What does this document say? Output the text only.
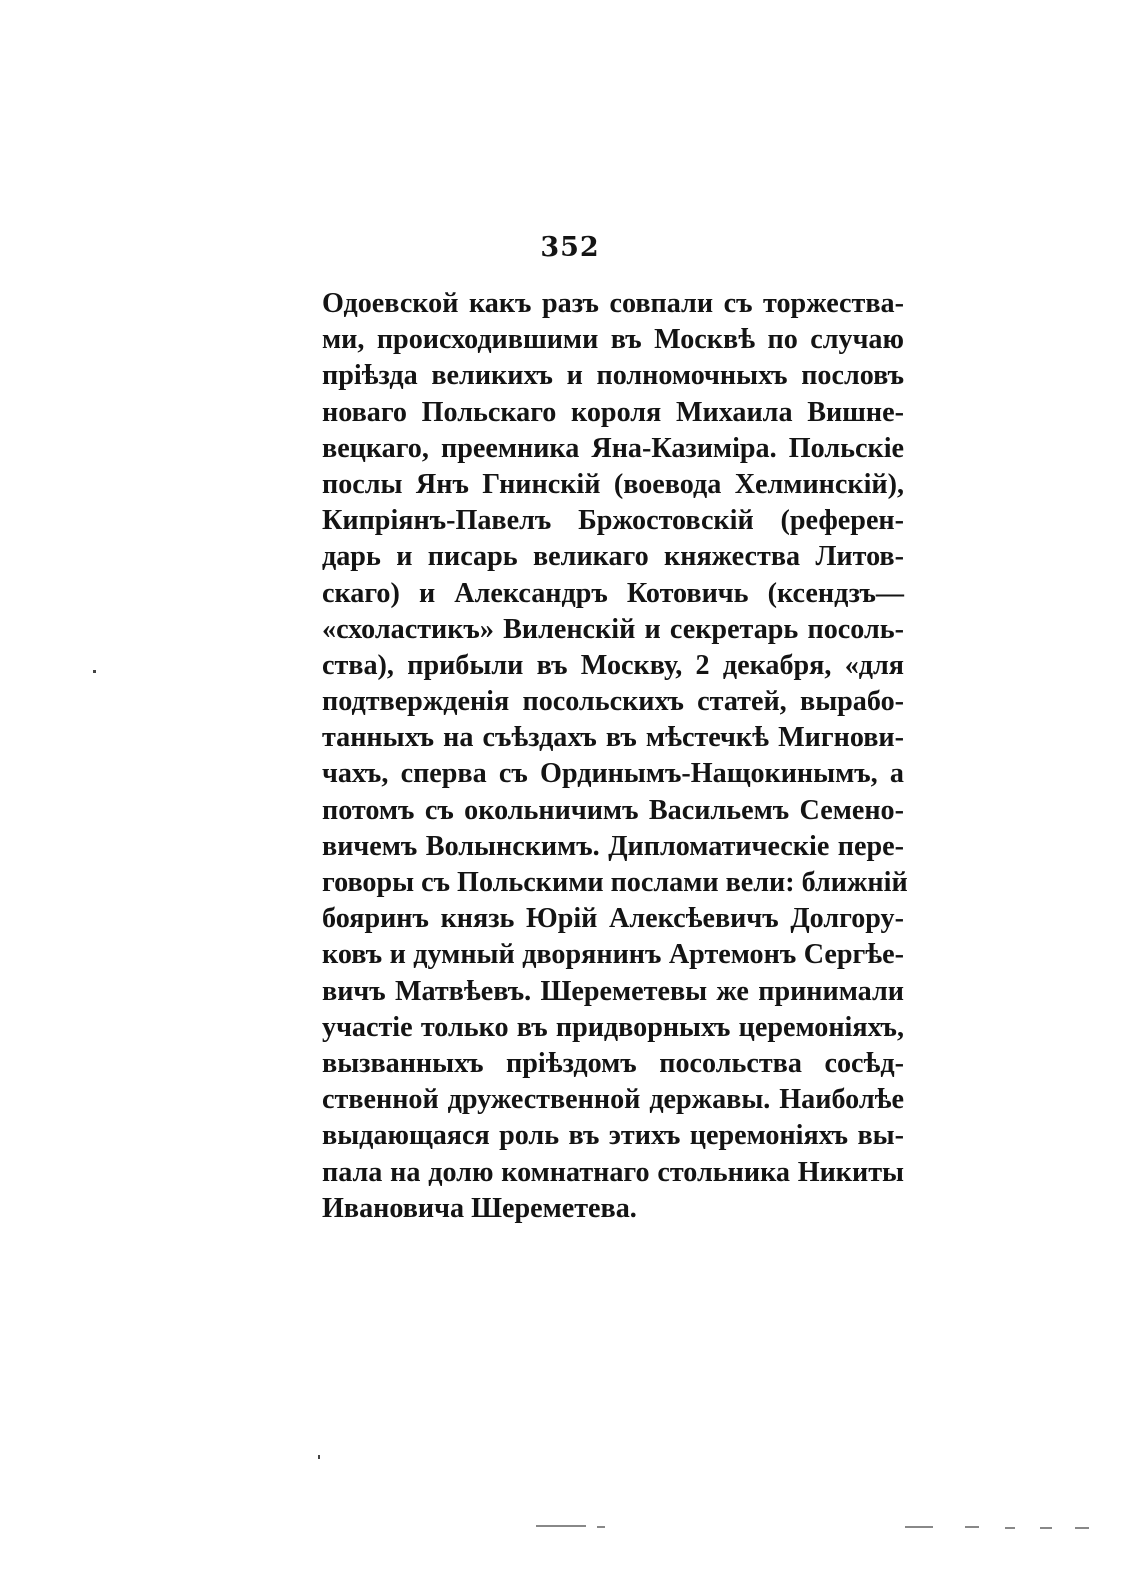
352
Одоевской какъ разъ совпали съ торжества-
ми, происходившими въ Москвѣ по случаю
прiѣзда великихъ и полномочныхъ пословъ
новаго Польскаго короля Михаила Вишне-
вецкаго, преемника Яна-Казимiра. Польскiе
послы Янъ Гнинскiй (воевода Хелминскiй),
Кипрiянъ-Павелъ Бржостовскiй (референ-
дарь и писарь великаго княжества Литов-
скаго) и Александръ Котовичь (ксендзъ—
«схоластикъ» Виленскiй и секретарь посоль-
ства), прибыли въ Москву, 2 декабря, «для
подтвержденiя посольскихъ статей, вырабо-
танныхъ на съѣздахъ въ мѣстечкѣ Мигнови-
чахъ, сперва съ Ординымъ-Нащокинымъ, а
потомъ съ окольничимъ Васильемъ Семено-
вичемъ Волынскимъ. Дипломатическiе пере-
говоры съ Польскими послами вели: ближнiй
бояринъ князь Юрiй Алексѣевичъ Долгору-
ковъ и думный дворянинъ Артемонъ Сергѣе-
вичъ Матвѣевъ. Шереметевы же принимали
участiе только въ придворныхъ церемонiяхъ,
вызванныхъ прiѣздомъ посольства сосѣд-
ственной дружественной державы. Наиболѣе
выдающаяся роль въ этихъ церемонiяхъ вы-
пала на долю комнатнаго стольника Никиты
Ивановича Шереметева.
